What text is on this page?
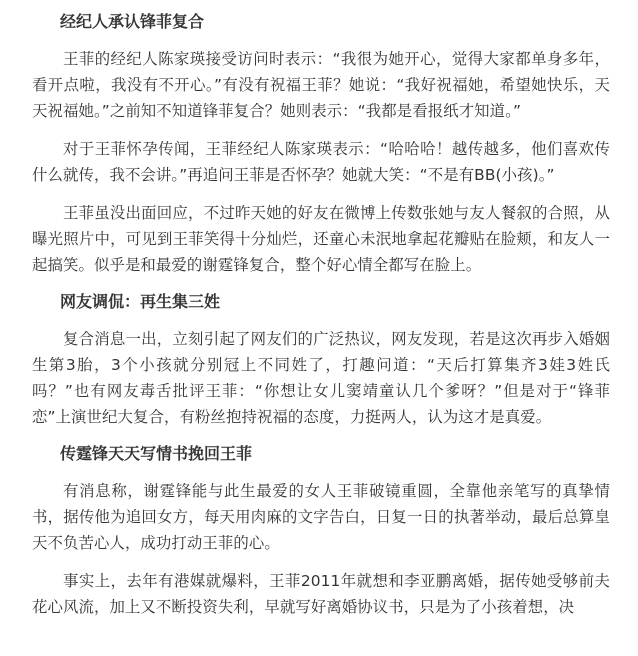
经纪人承认锋菲复合

王菲的经纪人陈家瑛接受访问时表示：“我很为她开心，觉得大家都单身多年，看开点啦，我没有不开心。”有没有祝福王菲？她说：“我好祝福她，希望她快乐，天天祝福她。”之前知不知道锋菲复合？她则表示：“我都是看报纸才知道。”

对于王菲怀孕传闻，王菲经纪人陈家瑛表示：“哈哈哈！越传越多，他们喜欢传什么就传，我不会讲。”再追问王菲是否怀孕？她就大笑：“不是有BB(小孩)。”

王菲虽没出面回应，不过昨天她的好友在微博上传数张她与友人餐叙的合照，从曝光照片中，可见到王菲笑得十分灿烂，还童心未泯地拿起花瓣贴在脸颊，和友人一起搞笑。似乎是和最爱的谢霆锋复合，整个好心情全都写在脸上。

网友调侃：再生集三姓

复合消息一出，立刻引起了网友们的广泛热议，网友发现，若是这次再步入婚姻生第3胎，3个小孩就分别冠上不同姓了，打趣问道：“天后打算集齐3娃3姓氏吗？”也有网友毒舌批评王菲：“你想让女儿窦靖童认几个爹呀？”但是对于“锋菲恋”上演世纪大复合，有粉丝抱持祝福的态度，力挺两人，认为这才是真爱。

传霆锋天天写情书挽回王菲

有消息称，谢霆锋能与此生最爱的女人王菲破镜重圆，全靠他亲笔写的真挚情书，据传他为追回女方，每天用肉麻的文字告白，日复一日的执著举动，最后总算皇天不负苦心人，成功打动王菲的心。

事实上，去年有港媒就爆料，王菲2011年就想和李亚鹏离婚，据传她受够前夫花心风流，加上又不断投资失利，早就写好离婚协议书，只是为了小孩着想，决
